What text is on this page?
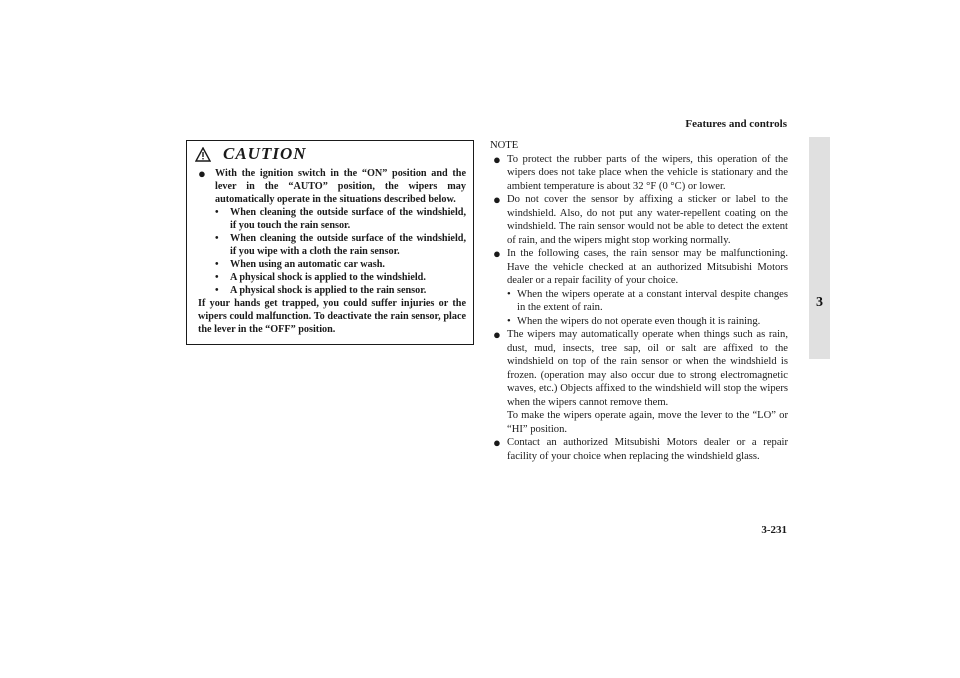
Features and controls
3
CAUTION
● With the ignition switch in the “ON” position and the lever in the “AUTO” position, the wipers may automatically operate in the situations described below.
• When cleaning the outside surface of the windshield, if you touch the rain sensor.
• When cleaning the outside surface of the windshield, if you wipe with a cloth the rain sensor.
• When using an automatic car wash.
• A physical shock is applied to the windshield.
• A physical shock is applied to the rain sensor.
If your hands get trapped, you could suffer injuries or the wipers could malfunction. To deactivate the rain sensor, place the lever in the “OFF” position.
NOTE
● To protect the rubber parts of the wipers, this operation of the wipers does not take place when the vehicle is stationary and the ambient temperature is about 32 °F (0 °C) or lower.
● Do not cover the sensor by affixing a sticker or label to the windshield. Also, do not put any water-repellent coating on the windshield. The rain sensor would not be able to detect the extent of rain, and the wipers might stop working normally.
● In the following cases, the rain sensor may be malfunctioning. Have the vehicle checked at an authorized Mitsubishi Motors dealer or a repair facility of your choice.
• When the wipers operate at a constant interval despite changes in the extent of rain.
• When the wipers do not operate even though it is raining.
● The wipers may automatically operate when things such as rain, dust, mud, insects, tree sap, oil or salt are affixed to the windshield on top of the rain sensor or when the windshield is frozen. (operation may also occur due to strong electromagnetic waves, etc.) Objects affixed to the windshield will stop the wipers when the wipers cannot remove them.
To make the wipers operate again, move the lever to the “LO” or “HI” position.
● Contact an authorized Mitsubishi Motors dealer or a repair facility of your choice when replacing the windshield glass.
3-231
